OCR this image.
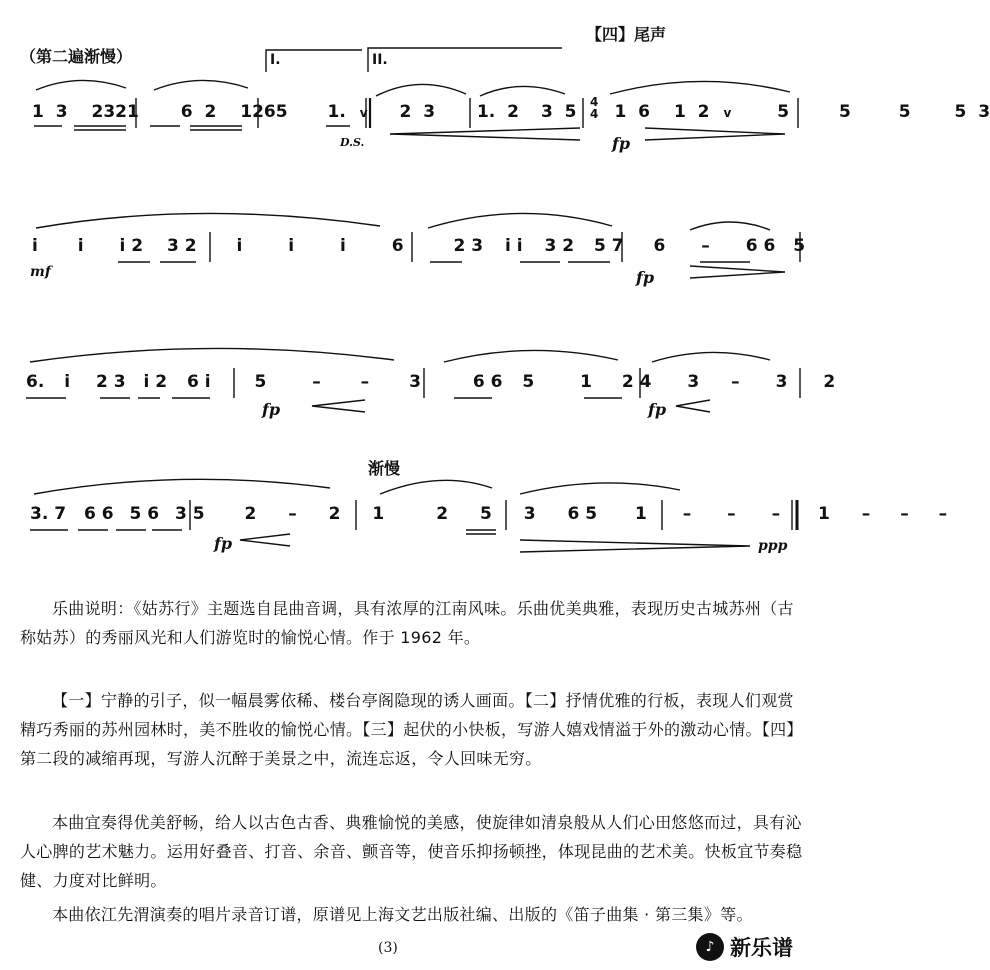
（第二遍渐慢）
【四】尾声
I.	II.
D.S.
渐慢
4
4
fp
mf	fp
fp	fp
fp	ppp
1 3 2321 6 2 1265 1. v 2 3 1. 2 3 5 1 6 1 2 v	5	5	5	5 3
i i i 2 3 2 i	i	i	6	2 3 i i 3 2 5 7 6 – 6 6 5
6. i 2 3 i 2 6 i	5	– – 3	6 6 5	1 2 4 3 – 3 2
3. 7 6 6 5 6 3 5 2 – 2 1	2 5 3 6 5 1 – – – 1 – – –
乐曲说明：《姑苏行》主题选自昆曲音调，具有浓厚的江南风味。乐曲优美典雅，表现历史古城苏州（古称姑苏）的秀丽风光和人们游览时的愉悦心情。作于 1962 年。
【一】宁静的引子，似一幅晨雾依稀、楼台亭阁隐现的诱人画面。【二】抒情优雅的行板，表现人们观赏精巧秀丽的苏州园林时，美不胜收的愉悦心情。【三】起伏的小快板，写游人嬉戏情溢于外的激动心情。【四】第二段的减缩再现，写游人沉醉于美景之中，流连忘返，令人回味无穷。
本曲宜奏得优美舒畅，给人以古色古香、典雅愉悦的美感，使旋律如清泉般从人们心田悠悠而过，具有沁人心脾的艺术魅力。运用好叠音、打音、余音、颤音等，使音乐抑扬顿挫，体现昆曲的艺术美。快板宜节奏稳健、力度对比鲜明。
本曲依江先渭演奏的唱片录音订谱，原谱见上海文艺出版社编、出版的《笛子曲集 · 第三集》等。
(3)	♪ 新乐谱
